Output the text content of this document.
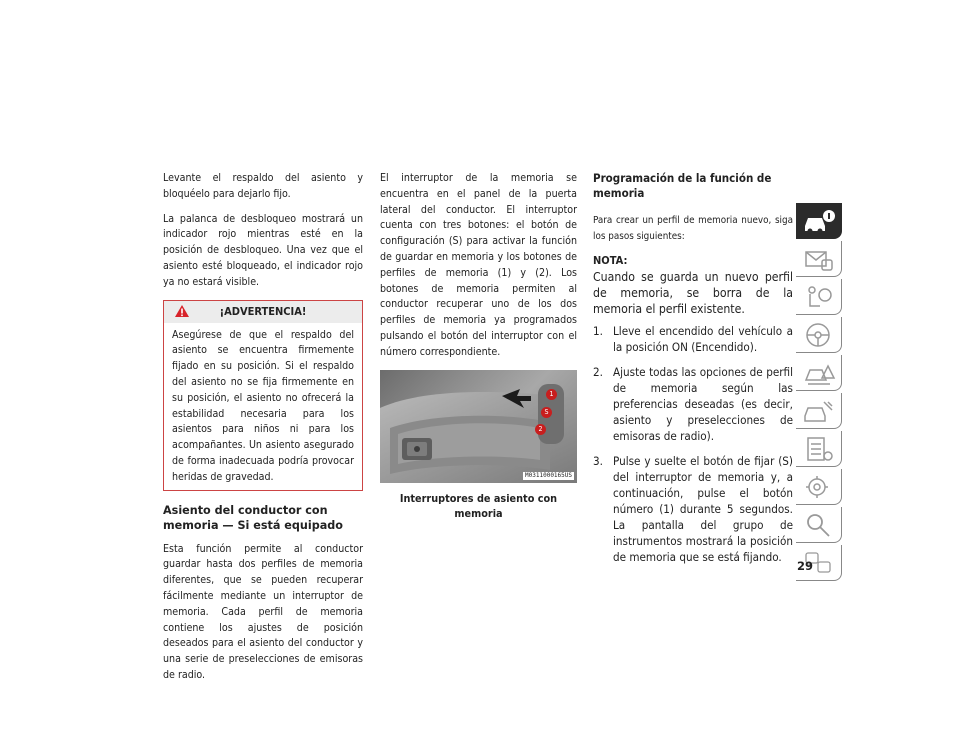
Levante el respaldo del asiento y bloquéelo para dejarlo fijo.

La palanca de desbloqueo mostrará un indicador rojo mientras esté en la posición de desbloqueo. Una vez que el asiento esté bloqueado, el indicador rojo ya no estará visible.

¡ADVERTENCIA!
Asegúrese de que el respaldo del asiento se encuentra firmemente fijado en su posición. Si el respaldo del asiento no se fija firmemente en su posición, el asiento no ofrecerá la estabilidad necesaria para los asientos para niños ni para los acompañantes. Un asiento asegurado de forma inadecuada podría provocar heridas de gravedad.
Asiento del conductor con memoria — Si está equipado

Esta función permite al conductor guardar hasta dos perfiles de memoria diferentes, que se pueden recuperar fácilmente mediante un interruptor de memoria. Cada perfil de memoria contiene los ajustes de posición deseados para el asiento del conductor y una serie de preselecciones de emisoras de radio.

El interruptor de la memoria se encuentra en el panel de la puerta lateral del conductor. El interruptor cuenta con tres botones: el botón de configuración (S) para activar la función de guardar en memoria y los botones de perfiles de memoria (1) y (2). Los botones de memoria permiten al conductor recuperar uno de los dos perfiles de memoria ya programados pulsando el botón del interruptor con el número correspondiente.

1
S
2
M0311000165US
Interruptores de asiento con memoria
Programación de la función de memoria

Para crear un perfil de memoria nuevo, siga los pasos siguientes:

NOTA:
Cuando se guarda un nuevo perfil de memoria, se borra de la memoria el perfil existente.
1. Lleve el encendido del vehículo a la posición ON (Encendido).
2. Ajuste todas las opciones de perfil de memoria según las preferencias deseadas (es decir, asiento y preselecciones de emisoras de radio).
3. Pulse y suelte el botón de fijar (S) del interruptor de memoria y, a continuación, pulse el botón número (1) durante 5 segundos. La pantalla del grupo de instrumentos mostrará la posición de memoria que se está fijando.
29
